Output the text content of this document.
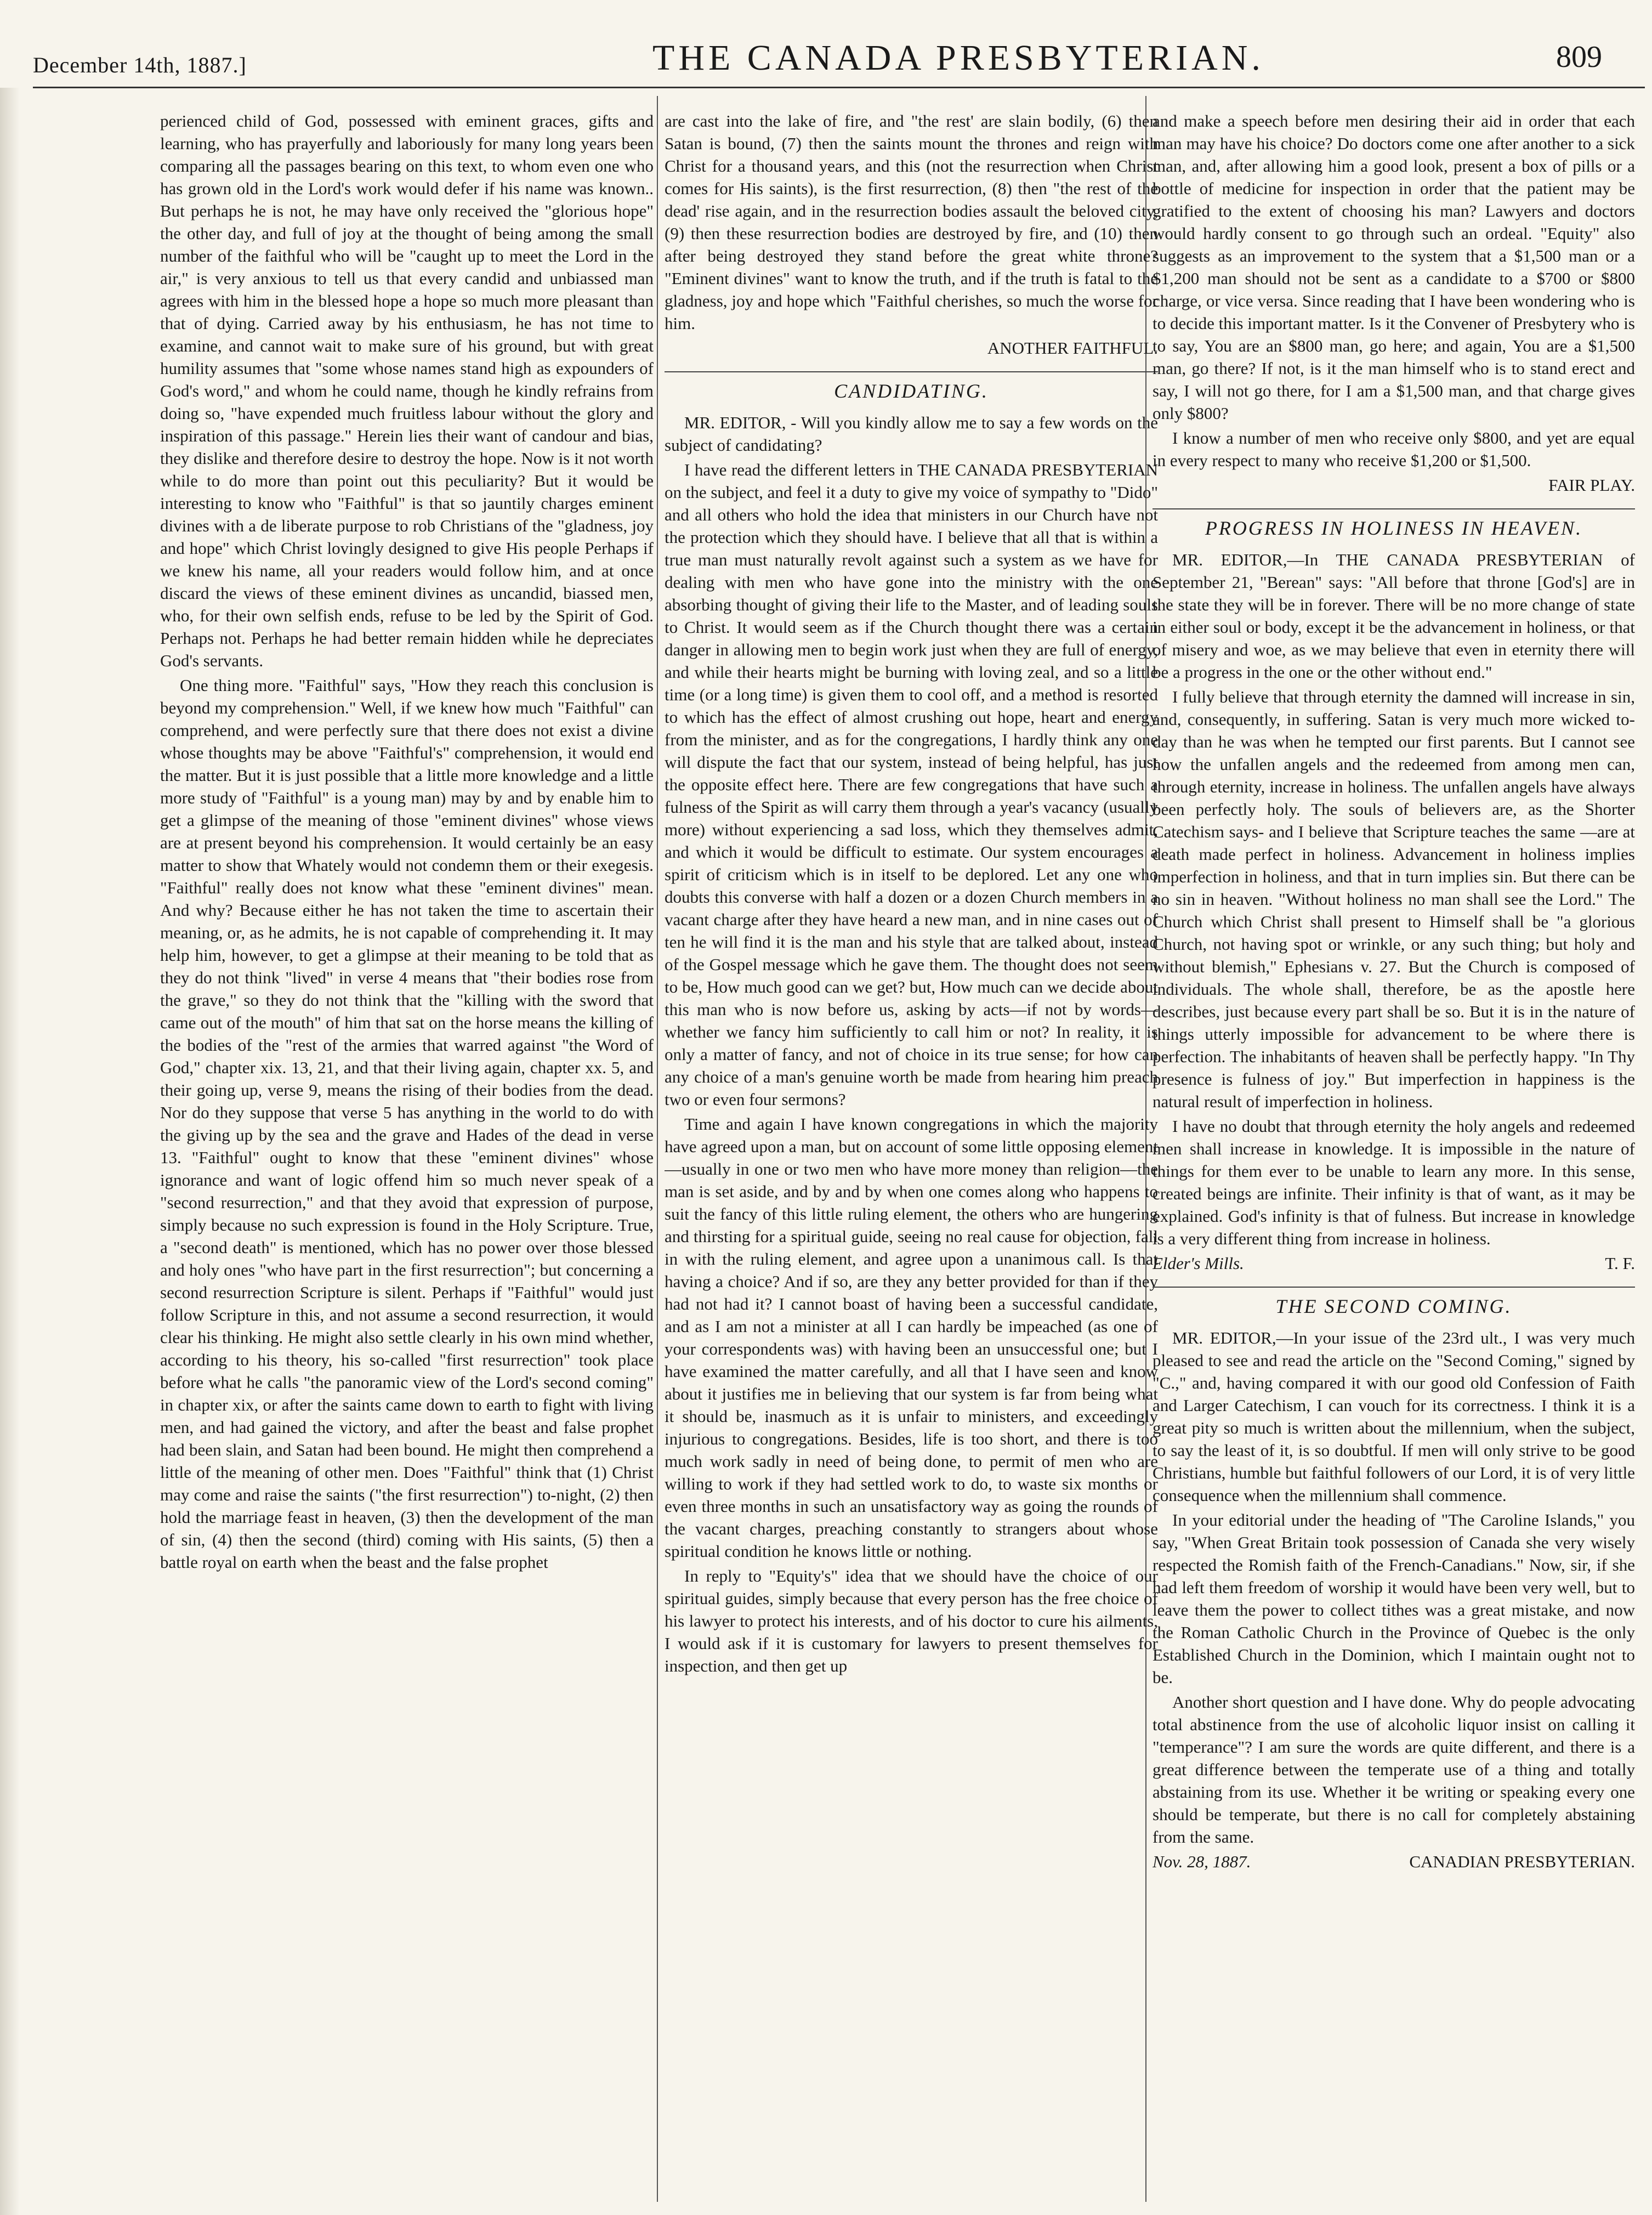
December 14th, 1887.]	THE CANADA PRESBYTERIAN.	809

perienced child of God, possessed with eminent graces, gifts and learning, who has prayerfully and laboriously for many long years been comparing all the passages bearing on this text, to whom even one who has grown old in the Lord's work would defer if his name was known.. But perhaps he is not, he may have only received the "glorious hope" the other day, and full of joy at the thought of being among the small number of the faithful who will be "caught up to meet the Lord in the air," is very anxious to tell us that every candid and unbiassed man agrees with him in the blessed hope a hope so much more pleasant than that of dying. Carried away by his enthusiasm, he has not time to examine, and cannot wait to make sure of his ground, but with great humility assumes that "some whose names stand high as expounders of God's word," and whom he could name, though he kindly refrains from doing so, "have expended much fruitless labour without the glory and inspiration of this passage." Herein lies their want of candour and bias, they dislike and therefore desire to destroy the hope. Now is it not worth while to do more than point out this peculiarity? But it would be interesting to know who "Faithful" is that so jauntily charges eminent divines with a de liberate purpose to rob Christians of the "gladness, joy and hope" which Christ lovingly designed to give His people Perhaps if we knew his name, all your readers would follow him, and at once discard the views of these eminent divines as uncandid, biassed men, who, for their own selfish ends, refuse to be led by the Spirit of God. Perhaps not. Perhaps he had better remain hidden while he depreciates God's servants.

One thing more. "Faithful" says, "How they reach this conclusion is beyond my comprehension." Well, if we knew how much "Faithful" can comprehend, and were perfectly sure that there does not exist a divine whose thoughts may be above "Faithful's" comprehension, it would end the matter. But it is just possible that a little more knowledge and a little more study of "Faithful" is a young man) may by and by enable him to get a glimpse of the meaning of those "eminent divines" whose views are at present beyond his comprehension. It would certainly be an easy matter to show that Whately would not condemn them or their exegesis. "Faithful" really does not know what these "eminent divines" mean. And why? Because either he has not taken the time to ascertain their meaning, or, as he admits, he is not capable of comprehending it. It may help him, however, to get a glimpse at their meaning to be told that as they do not think "lived" in verse 4 means that "their bodies rose from the grave," so they do not think that the "killing with the sword that came out of the mouth" of him that sat on the horse means the killing of the bodies of the "rest of the armies that warred against "the Word of God," chapter xix. 13, 21, and that their living again, chapter xx. 5, and their going up, verse 9, means the rising of their bodies from the dead. Nor do they suppose that verse 5 has anything in the world to do with the giving up by the sea and the grave and Hades of the dead in verse 13. "Faithful" ought to know that these "eminent divines" whose ignorance and want of logic offend him so much never speak of a "second resurrection," and that they avoid that expression of purpose, simply because no such expression is found in the Holy Scripture. True, a "second death" is mentioned, which has no power over those blessed and holy ones "who have part in the first resurrection"; but concerning a second resurrection Scripture is silent. Perhaps if "Faithful" would just follow Scripture in this, and not assume a second resurrection, it would clear his thinking. He might also settle clearly in his own mind whether, according to his theory, his so-called "first resurrection" took place before what he calls "the panoramic view of the Lord's second coming" in chapter xix, or after the saints came down to earth to fight with living men, and had gained the victory, and after the beast and false prophet had been slain, and Satan had been bound. He might then comprehend a little of the meaning of other men. Does "Faithful" think that (1) Christ may come and raise the saints ("the first resurrection") to-night, (2) then hold the marriage feast in heaven, (3) then the development of the man of sin, (4) then the second (third) coming with His saints, (5) then a battle royal on earth when the beast and the false prophet

are cast into the lake of fire, and "the rest' are slain bodily, (6) then Satan is bound, (7) then the saints mount the thrones and reign with Christ for a thousand years, and this (not the resurrection when Christ comes for His saints), is the first resurrection, (8) then "the rest of the dead' rise again, and in the resurrection bodies assault the beloved city, (9) then these resurrection bodies are destroyed by fire, and (10) then after being destroyed they stand before the great white throne? "Eminent divines" want to know the truth, and if the truth is fatal to the gladness, joy and hope which "Faithful cherishes, so much the worse for him.

ANOTHER FAITHFUL.
CANDIDATING.

MR. EDITOR, - Will you kindly allow me to say a few words on the subject of candidating?

I have read the different letters in THE CANADA PRESBYTERIAN on the subject, and feel it a duty to give my voice of sympathy to "Dido" and all others who hold the idea that ministers in our Church have not the protection which they should have. I believe that all that is within a true man must naturally revolt against such a system as we have for dealing with men who have gone into the ministry with the one absorbing thought of giving their life to the Master, and of leading souls to Christ. It would seem as if the Church thought there was a certain danger in allowing men to begin work just when they are full of energy, and while their hearts might be burning with loving zeal, and so a little time (or a long time) is given them to cool off, and a method is resorted to which has the effect of almost crushing out hope, heart and energy from the minister, and as for the congregations, I hardly think any one will dispute the fact that our system, instead of being helpful, has just the opposite effect here. There are few congregations that have such a fulness of the Spirit as will carry them through a year's vacancy (usually more) without experiencing a sad loss, which they themselves admit, and which it would be difficult to estimate. Our system encourages a spirit of criticism which is in itself to be deplored. Let any one who doubts this converse with half a dozen or a dozen Church members in a vacant charge after they have heard a new man, and in nine cases out of ten he will find it is the man and his style that are talked about, instead of the Gospel message which he gave them. The thought does not seem to be, How much good can we get? but, How much can we decide about this man who is now before us, asking by acts—if not by words—whether we fancy him sufficiently to call him or not? In reality, it is only a matter of fancy, and not of choice in its true sense; for how can any choice of a man's genuine worth be made from hearing him preach two or even four sermons?

Time and again I have known congregations in which the majority have agreed upon a man, but on account of some little opposing element—usually in one or two men who have more money than religion—the man is set aside, and by and by when one comes along who happens to suit the fancy of this little ruling element, the others who are hungering and thirsting for a spiritual guide, seeing no real cause for objection, fall in with the ruling element, and agree upon a unanimous call. Is that having a choice? And if so, are they any better provided for than if they had not had it? I cannot boast of having been a successful candidate, and as I am not a minister at all I can hardly be impeached (as one of your correspondents was) with having been an unsuccessful one; but I have examined the matter carefully, and all that I have seen and know about it justifies me in believing that our system is far from being what it should be, inasmuch as it is unfair to ministers, and exceedingly injurious to congregations. Besides, life is too short, and there is too much work sadly in need of being done, to permit of men who are willing to work if they had settled work to do, to waste six months or even three months in such an unsatisfactory way as going the rounds of the vacant charges, preaching constantly to strangers about whose spiritual condition he knows little or nothing.

In reply to "Equity's" idea that we should have the choice of our spiritual guides, simply because that every person has the free choice of his lawyer to protect his interests, and of his doctor to cure his ailments, I would ask if it is customary for lawyers to present themselves for inspection, and then get up

and make a speech before men desiring their aid in order that each man may have his choice? Do doctors come one after another to a sick man, and, after allowing him a good look, present a box of pills or a bottle of medicine for inspection in order that the patient may be gratified to the extent of choosing his man? Lawyers and doctors would hardly consent to go through such an ordeal. "Equity" also suggests as an improvement to the system that a $1,500 man or a $1,200 man should not be sent as a candidate to a $700 or $800 charge, or vice versa. Since reading that I have been wondering who is to decide this important matter. Is it the Convener of Presbytery who is to say, You are an $800 man, go here; and again, You are a $1,500 man, go there? If not, is it the man himself who is to stand erect and say, I will not go there, for I am a $1,500 man, and that charge gives only $800?

I know a number of men who receive only $800, and yet are equal in every respect to many who receive $1,200 or $1,500.

FAIR PLAY.
PROGRESS IN HOLINESS IN HEAVEN.

MR. EDITOR,—In THE CANADA PRESBYTERIAN of September 21, "Berean" says: "All before that throne [God's] are in the state they will be in forever. There will be no more change of state in either soul or body, except it be the advancement in holiness, or that of misery and woe, as we may believe that even in eternity there will be a progress in the one or the other without end."

I fully believe that through eternity the damned will increase in sin, and, consequently, in suffering. Satan is very much more wicked to-day than he was when he tempted our first parents. But I cannot see how the unfallen angels and the redeemed from among men can, through eternity, increase in holiness. The unfallen angels have always been perfectly holy. The souls of believers are, as the Shorter Catechism says- and I believe that Scripture teaches the same —are at death made perfect in holiness. Advancement in holiness implies imperfection in holiness, and that in turn implies sin. But there can be no sin in heaven. "Without holiness no man shall see the Lord." The Church which Christ shall present to Himself shall be "a glorious Church, not having spot or wrinkle, or any such thing; but holy and without blemish," Ephesians v. 27. But the Church is composed of individuals. The whole shall, therefore, be as the apostle here describes, just because every part shall be so. But it is in the nature of things utterly impossible for advancement to be where there is perfection. The inhabitants of heaven shall be perfectly happy. "In Thy presence is fulness of joy." But imperfection in happiness is the natural result of imperfection in holiness.

I have no doubt that through eternity the holy angels and redeemed men shall increase in knowledge. It is impossible in the nature of things for them ever to be unable to learn any more. In this sense, created beings are infinite. Their infinity is that of want, as it may be explained. God's infinity is that of fulness. But increase in knowledge is a very different thing from increase in holiness.

Elder's Mills.	T. F.
THE SECOND COMING.

MR. EDITOR,—In your issue of the 23rd ult., I was very much pleased to see and read the article on the "Second Coming," signed by "C.," and, having compared it with our good old Confession of Faith and Larger Catechism, I can vouch for its correctness. I think it is a great pity so much is written about the millennium, when the subject, to say the least of it, is so doubtful. If men will only strive to be good Christians, humble but faithful followers of our Lord, it is of very little consequence when the millennium shall commence.

In your editorial under the heading of "The Caroline Islands," you say, "When Great Britain took possession of Canada she very wisely respected the Romish faith of the French-Canadians." Now, sir, if she had left them freedom of worship it would have been very well, but to leave them the power to collect tithes was a great mistake, and now the Roman Catholic Church in the Province of Quebec is the only Established Church in the Dominion, which I maintain ought not to be.

Another short question and I have done. Why do people advocating total abstinence from the use of alcoholic liquor insist on calling it "temperance"? I am sure the words are quite different, and there is a great difference between the temperate use of a thing and totally abstaining from its use. Whether it be writing or speaking every one should be temperate, but there is no call for completely abstaining from the same.

Nov. 28, 1887.	CANADIAN PRESBYTERIAN.
